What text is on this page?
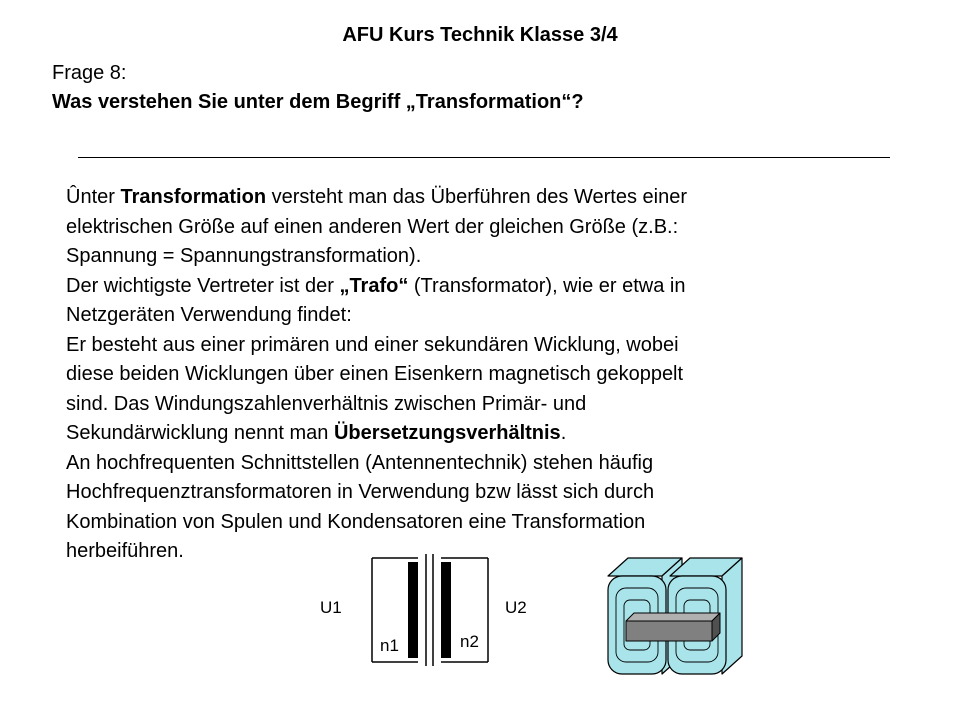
AFU Kurs Technik Klasse 3/4
Frage 8:
Was verstehen Sie unter dem Begriff „Transformation“?
Ûnter Transformation versteht man das Überführen des Wertes einer
elektrischen Größe auf einen anderen Wert der gleichen Größe (z.B.:
Spannung = Spannungstransformation).
Der wichtigste Vertreter ist der „Trafo“ (Transformator), wie er etwa in
Netzgeräten Verwendung findet:
Er besteht aus einer primären und einer sekundären Wicklung, wobei
diese beiden Wicklungen über einen Eisenkern magnetisch gekoppelt
sind. Das Windungszahlenverhältnis zwischen Primär- und
Sekundärwicklung nennt man Übersetzungsverhältnis.
An hochfrequenten Schnittstellen (Antennentechnik) stehen häufig
Hochfrequenztransformatoren in Verwendung bzw lässt sich durch
Kombination von Spulen und Kondensatoren eine Transformation
herbeiführen.
U1	U2
n1	n2
